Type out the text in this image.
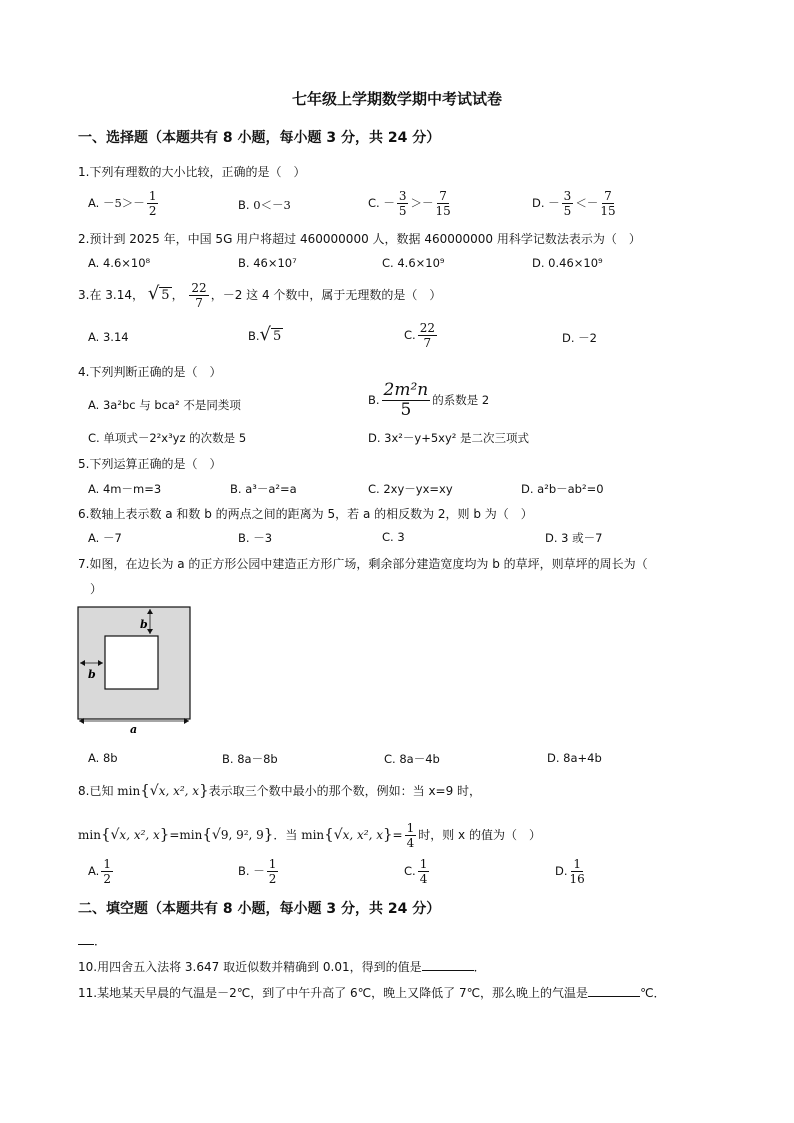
七年级上学期数学期中考试试卷
一、选择题（本题共有 8 小题，每小题 3 分，共 24 分）
1.下列有理数的大小比较，正确的是（　）
A. $-5>- \frac{1}{2}$	B. 0＜－3	C. － $\frac{3}{5} >- \frac{7}{15}$	D. － $\frac{3}{5} <- \frac{7}{15}$
2.预计到 2025 年，中国 5G 用户将超过 460000000 人，数据 460000000 用科学记数法表示为（　）
A. 4.6×10⁸	B. 46×10⁷	C. 4.6×10⁹	D. 0.46×10⁹
3.在 3.14， √ 5 ， $\frac{22}{7}$ ，－2 这 4 个数中，属于无理数的是（　）
A. 3.14	B.√ 5	C. $\frac{22}{7}$	D. －2
4.下列判断正确的是（　）
A. 3a²bc 与 bca² 不是同类项	B. $\frac{\text{2m²n}}{5}$ 的系数是 2
C. 单项式－2²x³yz 的次数是 5	D. 3x²－y+5xy² 是二次三项式
5.下列运算正确的是（　）
A. 4m－m=3	B. a³－a²=a	C. 2xy－yx=xy	D. a²b－ab²=0
6.数轴上表示数 a 和数 b 的两点之间的距离为 5，若 a 的相反数为 2，则 b 为（　）
A. －7	B. －3	C. 3	D. 3 或－7
7.如图，在边长为 a 的正方形公园中建造正方形广场，剩余部分建造宽度均为 b 的草坪，则草坪的周长为（
　）
b
b
a
A. 8b	B. 8a－8b	C. 8a－4b	D. 8a+4b
8.已知 min{√x, x², x}表示取三个数中最小的那个数，例如：当 x=9 时，
min{√x, x², x}=min{√9, 9², 9}．当 min{√x, x², $x\}= \frac{1}{4}$ 时，则 x 的值为（　）
A. $\frac{1}{2}$	B. － $\frac{1}{2}$	C. $\frac{1}{4}$	D. $\frac{1}{16}$
二、填空题（本题共有 8 小题，每小题 3 分，共 24 分）
．
10.用四舍五入法将 3.647 取近似数并精确到 0.01，得到的值是	．
11.某地某天早晨的气温是－2℃，到了中午升高了 6℃，晚上又降低了 7℃，那么晚上的气温是	℃．
